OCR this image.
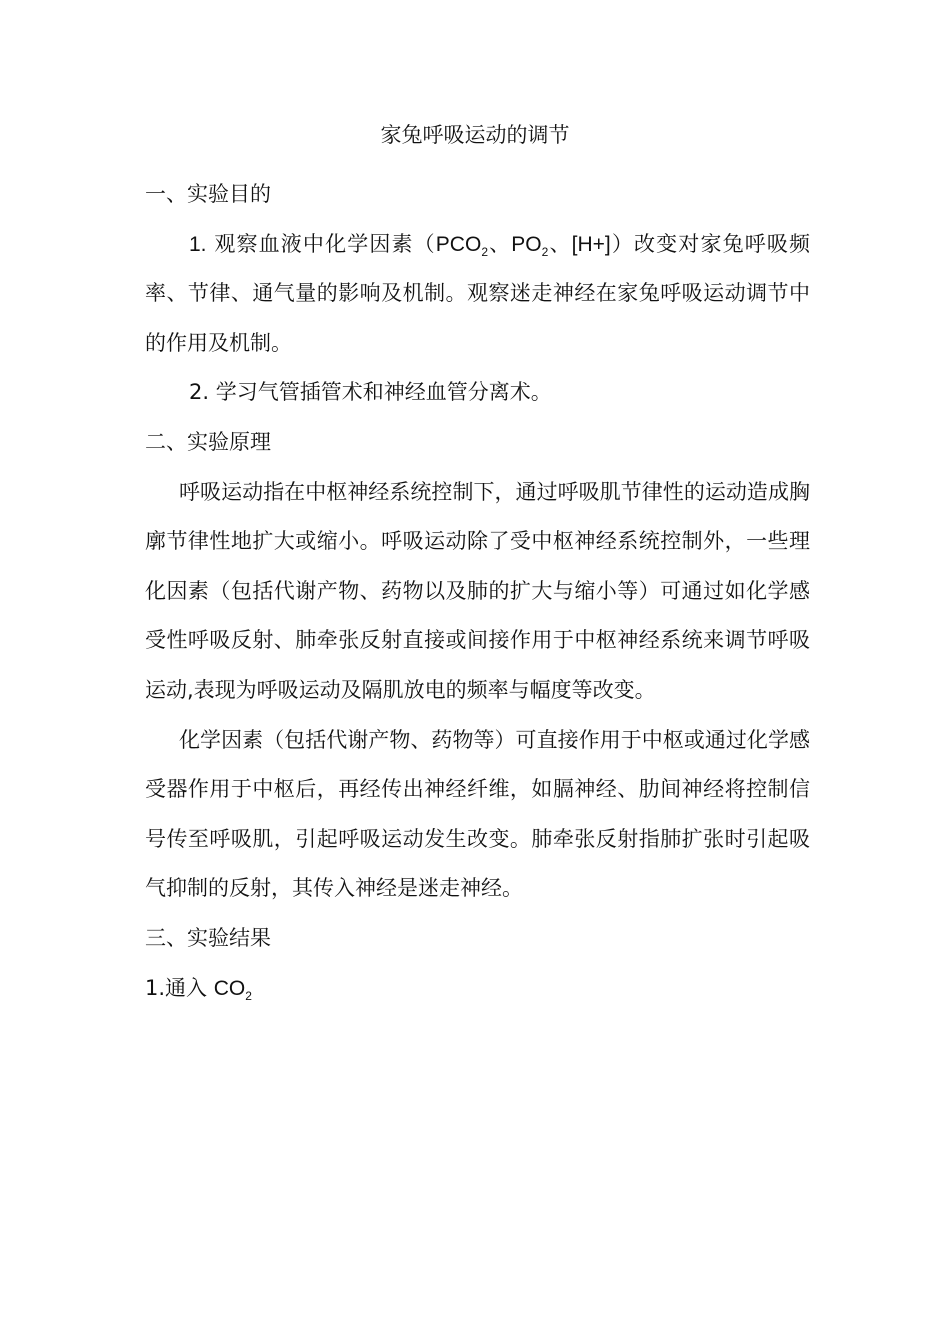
家兔呼吸运动的调节

一、实验目的

1. 观察血液中化学因素（$PCO_2$、$PO_2$、[H+]）改变对家兔呼吸频率、节律、通气量的影响及机制。观察迷走神经在家兔呼吸运动调节中的作用及机制。

2. 学习气管插管术和神经血管分离术。

二、实验原理

呼吸运动指在中枢神经系统控制下，通过呼吸肌节律性的运动造成胸廓节律性地扩大或缩小。呼吸运动除了受中枢神经系统控制外，一些理化因素（包括代谢产物、药物以及肺的扩大与缩小等）可通过如化学感受性呼吸反射、肺牵张反射直接或间接作用于中枢神经系统来调节呼吸运动,表现为呼吸运动及隔肌放电的频率与幅度等改变。

化学因素（包括代谢产物、药物等）可直接作用于中枢或通过化学感受器作用于中枢后，再经传出神经纤维，如膈神经、肋间神经将控制信号传至呼吸肌，引起呼吸运动发生改变。肺牵张反射指肺扩张时引起吸气抑制的反射，其传入神经是迷走神经。

三、实验结果

1.通入 $CO_2$
